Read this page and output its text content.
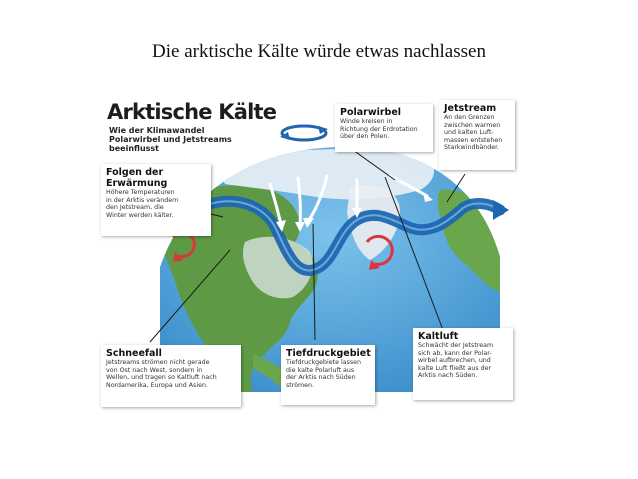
Die arktische Kälte würde etwas nachlassen
Arktische Kälte
Wie der Klimawandel
Polarwirbel und Jetstreams
beeinflusst
Folgen der
Erwärmung
Höhere Temperaturen
in der Arktis verändern
den Jetstream, die
Winter werden kälter.
Polarwirbel
Winde kreisen in
Richtung der Erdrotation
über den Polen.
Jetstream
An den Grenzen
zwischen warmen
und kalten Luft-
massen entstehen
Starkwindbänder.
Schneefall
Jetstreams strömen nicht gerade
von Ost nach West, sondern in
Wellen, und tragen so Kaltluft nach
Nordamerika, Europa und Asien.
Tiefdruckgebiet
Tiefdruckgebiete lassen
die kalte Polarluft aus
der Arktis nach Süden
strömen.
Kaltluft
Schwächt der Jetstream
sich ab, kann der Polar-
wirbel aufbrechen, und
kalte Luft fließt aus der
Arktis nach Süden.
